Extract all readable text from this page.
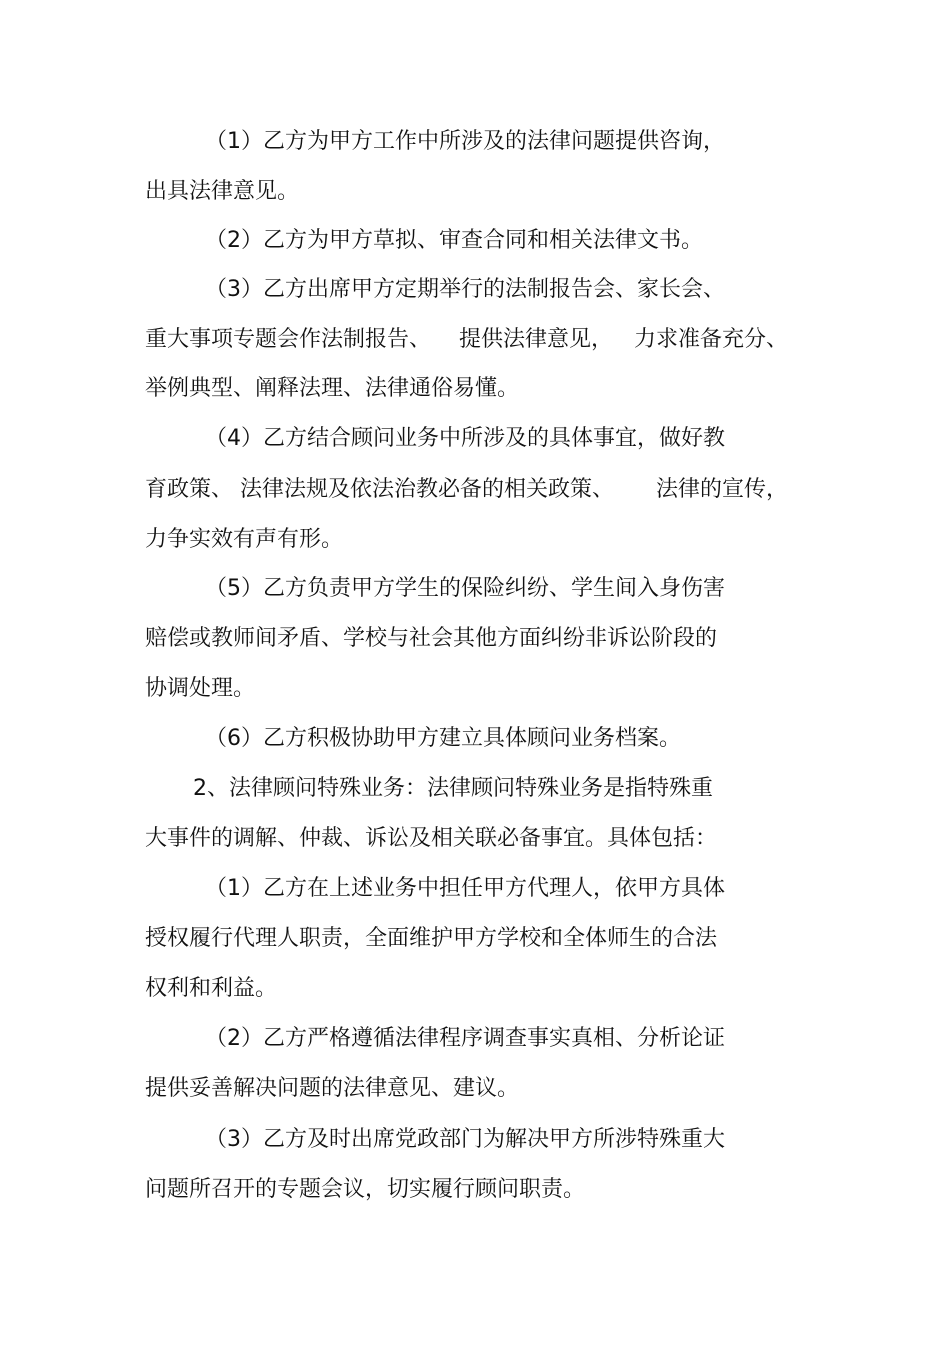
（1）乙方为甲方工作中所涉及的法律问题提供咨询，
出具法律意见。
（2）乙方为甲方草拟、审查合同和相关法律文书。
（3）乙方出席甲方定期举行的法制报告会、家长会、
重大事项专题会作法制报告、    提供法律意见，   力求准备充分、
举例典型、阐释法理、法律通俗易懂。
（4）乙方结合顾问业务中所涉及的具体事宜，做好教
育政策、 法律法规及依法治教必备的相关政策、      法律的宣传，
力争实效有声有形。
（5）乙方负责甲方学生的保险纠纷、学生间入身伤害
赔偿或教师间矛盾、学校与社会其他方面纠纷非诉讼阶段的
协调处理。
（6）乙方积极协助甲方建立具体顾问业务档案。
2、法律顾问特殊业务：法律顾问特殊业务是指特殊重
大事件的调解、仲裁、诉讼及相关联必备事宜。具体包括：
（1）乙方在上述业务中担任甲方代理人，依甲方具体
授权履行代理人职责，全面维护甲方学校和全体师生的合法
权利和利益。
（2）乙方严格遵循法律程序调查事实真相、分析论证
提供妥善解决问题的法律意见、建议。
（3）乙方及时出席党政部门为解决甲方所涉特殊重大
问题所召开的专题会议，切实履行顾问职责。
